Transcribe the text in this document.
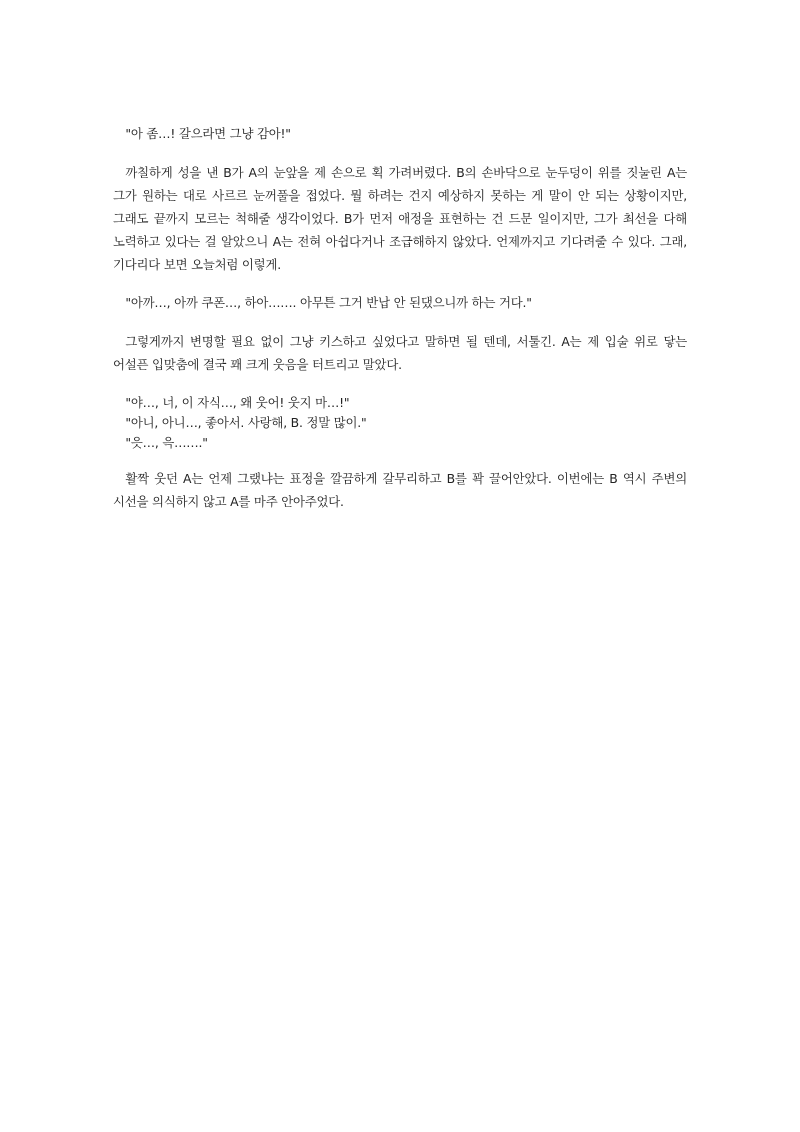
"아 좀…! 갈으라면 그냥 감아!"

까칠하게 성을 낸 B가 A의 눈앞을 제 손으로 획 가려버렸다. B의 손바닥으로 눈두덩이 위를 짓눌린 A는 그가 원하는 대로 사르르 눈꺼풀을 접었다. 뭘 하려는 건지 예상하지 못하는 게 말이 안 되는 상황이지만, 그래도 끝까지 모르는 척해줄 생각이었다. B가 먼저 애정을 표현하는 건 드문 일이지만, 그가 최선을 다해 노력하고 있다는 걸 알았으니 A는 전혀 아쉽다거나 조급해하지 않았다. 언제까지고 기다려줄 수 있다. 그래, 기다리다 보면 오늘처럼 이렇게.

"아까…, 아까 쿠폰…, 하아……. 아무튼 그거 반납 안 된댔으니까 하는 거다."

그렇게까지 변명할 필요 없이 그냥 키스하고 싶었다고 말하면 될 텐데, 서툴긴. A는 제 입술 위로 닿는 어설픈 입맞춤에 결국 꽤 크게 웃음을 터트리고 말았다.

"야…, 너, 이 자식…, 왜 웃어! 웃지 마…!"

"아니, 아니…, 좋아서. 사랑해, B. 정말 많이."

"읏…, 윽……."

활짝 웃던 A는 언제 그랬냐는 표정을 깔끔하게 갈무리하고 B를 꽉 끌어안았다. 이번에는 B 역시 주변의 시선을 의식하지 않고 A를 마주 안아주었다.
